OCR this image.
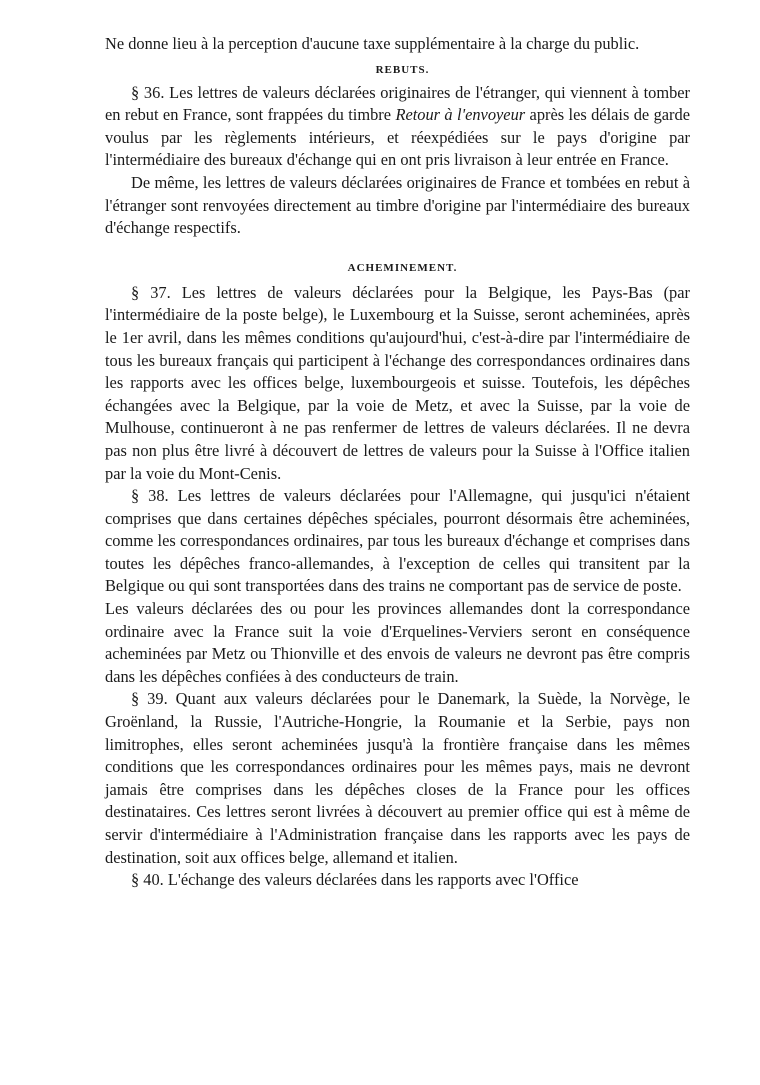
Ne donne lieu à la perception d'aucune taxe supplémentaire à la charge du public.

REBUTS.

§ 36. Les lettres de valeurs déclarées originaires de l'étranger, qui viennent à tomber en rebut en France, sont frappées du timbre Retour à l'envoyeur après les délais de garde voulus par les règlements intérieurs, et réexpédiées sur le pays d'origine par l'intermédiaire des bureaux d'échange qui en ont pris livraison à leur entrée en France.

De même, les lettres de valeurs déclarées originaires de France et tombées en rebut à l'étranger sont renvoyées directement au timbre d'origine par l'intermédiaire des bureaux d'échange respectifs.

ACHEMINEMENT.

§ 37. Les lettres de valeurs déclarées pour la Belgique, les Pays-Bas (par l'intermédiaire de la poste belge), le Luxembourg et la Suisse, seront acheminées, après le 1er avril, dans les mêmes conditions qu'aujourd'hui, c'est-à-dire par l'intermédiaire de tous les bureaux français qui participent à l'échange des correspondances ordinaires dans les rapports avec les offices belge, luxembourgeois et suisse. Toutefois, les dépêches échangées avec la Belgique, par la voie de Metz, et avec la Suisse, par la voie de Mulhouse, continueront à ne pas renfermer de lettres de valeurs déclarées. Il ne devra pas non plus être livré à découvert de lettres de valeurs pour la Suisse à l'Office italien par la voie du Mont-Cenis.

§ 38. Les lettres de valeurs déclarées pour l'Allemagne, qui jusqu'ici n'étaient comprises que dans certaines dépêches spéciales, pourront désormais être acheminées, comme les correspondances ordinaires, par tous les bureaux d'échange et comprises dans toutes les dépêches franco-allemandes, à l'exception de celles qui transitent par la Belgique ou qui sont transportées dans des trains ne comportant pas de service de poste.

Les valeurs déclarées des ou pour les provinces allemandes dont la correspondance ordinaire avec la France suit la voie d'Erquelines-Verviers seront en conséquence acheminées par Metz ou Thionville et des envois de valeurs ne devront pas être compris dans les dépêches confiées à des conducteurs de train.

§ 39. Quant aux valeurs déclarées pour le Danemark, la Suède, la Norvège, le Groënland, la Russie, l'Autriche-Hongrie, la Roumanie et la Serbie, pays non limitrophes, elles seront acheminées jusqu'à la frontière française dans les mêmes conditions que les correspondances ordinaires pour les mêmes pays, mais ne devront jamais être comprises dans les dépêches closes de la France pour les offices destinataires. Ces lettres seront livrées à découvert au premier office qui est à même de servir d'intermédiaire à l'Administration française dans les rapports avec les pays de destination, soit aux offices belge, allemand et italien.

§ 40. L'échange des valeurs déclarées dans les rapports avec l'Office
